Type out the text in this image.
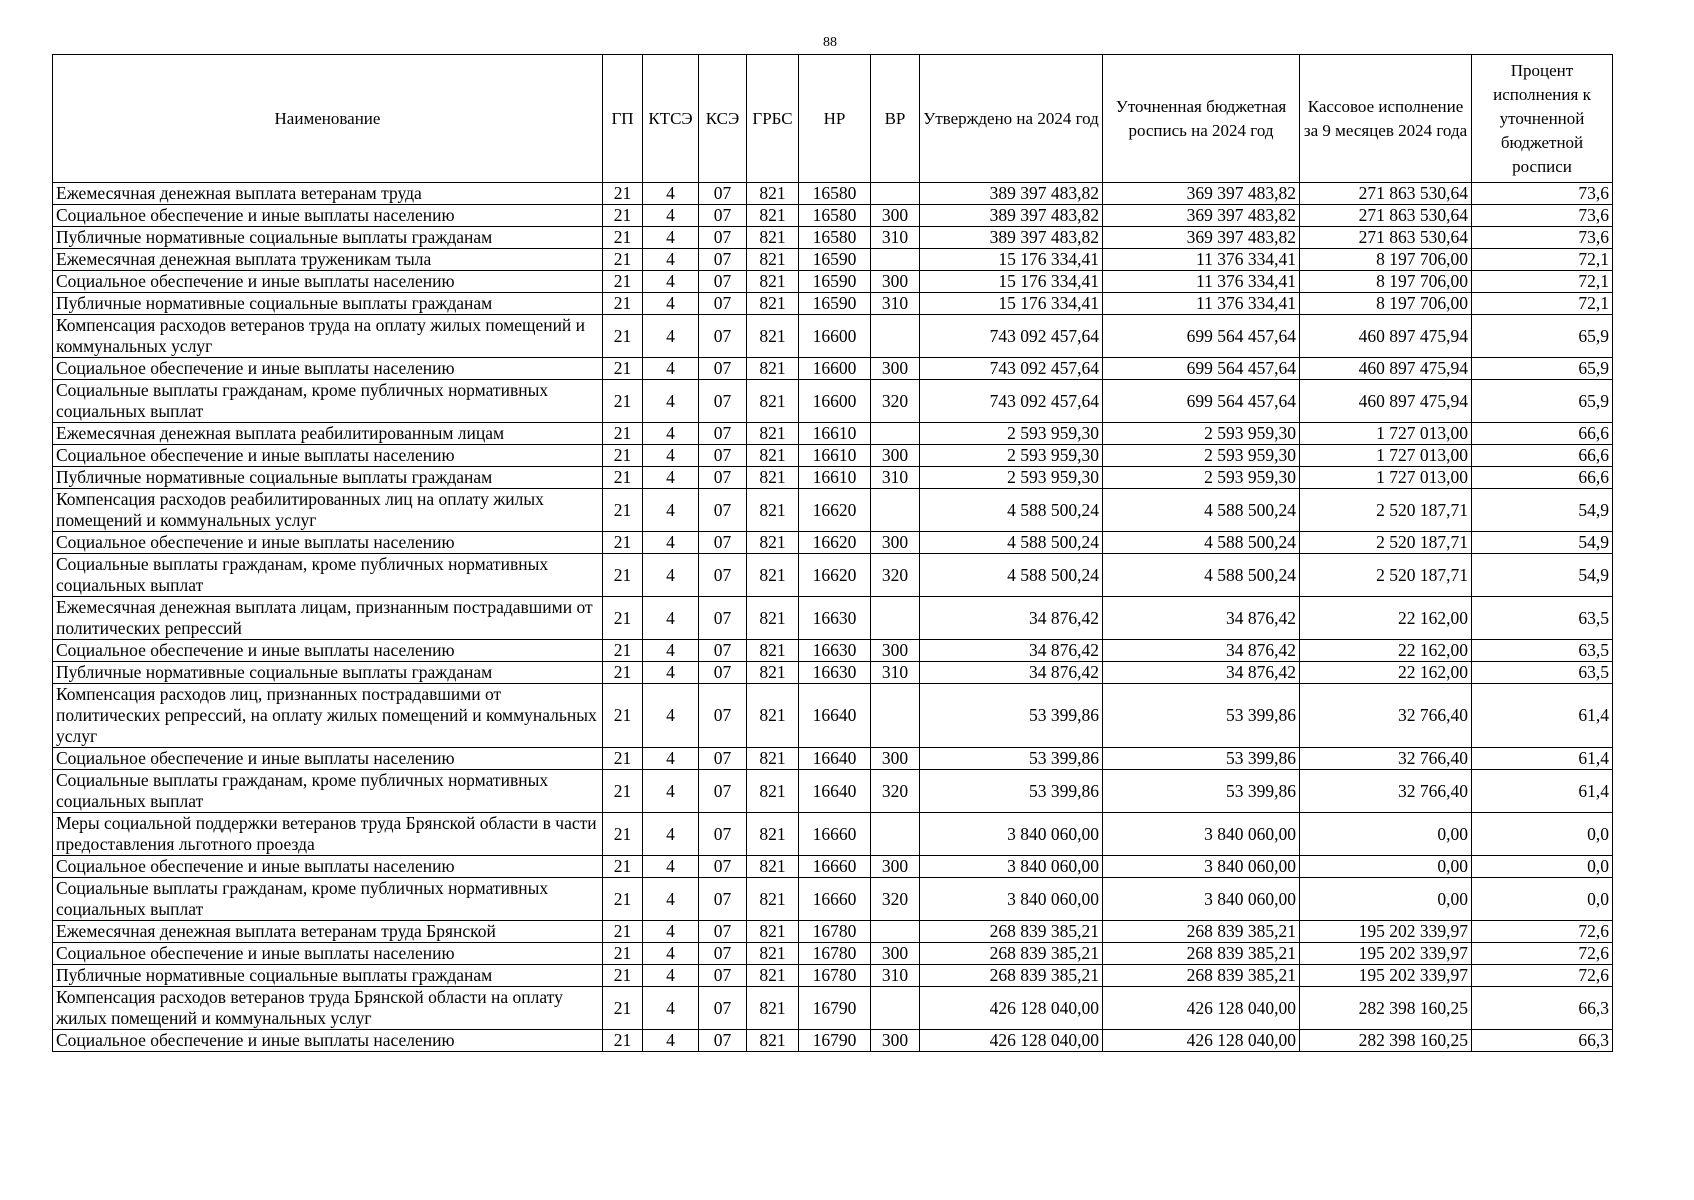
88
Наименование	ГП	КТСЭ	КСЭ	ГРБС	НР	ВР	Утверждено на 2024 год	Уточненная бюджетная роспись на 2024 год	Кассовое исполнение за 9 месяцев 2024 года	Процент исполнения к уточненной бюджетной росписи
Ежемесячная денежная выплата ветеранам труда	21	4	07	821	16580		389 397 483,82	369 397 483,82	271 863 530,64	73,6
Социальное обеспечение и иные выплаты населению	21	4	07	821	16580	300	389 397 483,82	369 397 483,82	271 863 530,64	73,6
Публичные нормативные социальные выплаты гражданам	21	4	07	821	16580	310	389 397 483,82	369 397 483,82	271 863 530,64	73,6
Ежемесячная денежная выплата труженикам тыла	21	4	07	821	16590		15 176 334,41	11 376 334,41	8 197 706,00	72,1
Социальное обеспечение и иные выплаты населению	21	4	07	821	16590	300	15 176 334,41	11 376 334,41	8 197 706,00	72,1
Публичные нормативные социальные выплаты гражданам	21	4	07	821	16590	310	15 176 334,41	11 376 334,41	8 197 706,00	72,1
Компенсация расходов ветеранов труда на оплату жилых помещений и коммунальных услуг	21	4	07	821	16600		743 092 457,64	699 564 457,64	460 897 475,94	65,9
Социальное обеспечение и иные выплаты населению	21	4	07	821	16600	300	743 092 457,64	699 564 457,64	460 897 475,94	65,9
Социальные выплаты гражданам, кроме публичных нормативных социальных выплат	21	4	07	821	16600	320	743 092 457,64	699 564 457,64	460 897 475,94	65,9
Ежемесячная денежная выплата реабилитированным лицам	21	4	07	821	16610		2 593 959,30	2 593 959,30	1 727 013,00	66,6
Социальное обеспечение и иные выплаты населению	21	4	07	821	16610	300	2 593 959,30	2 593 959,30	1 727 013,00	66,6
Публичные нормативные социальные выплаты гражданам	21	4	07	821	16610	310	2 593 959,30	2 593 959,30	1 727 013,00	66,6
Компенсация расходов реабилитированных лиц на оплату жилых помещений и коммунальных услуг	21	4	07	821	16620		4 588 500,24	4 588 500,24	2 520 187,71	54,9
Социальное обеспечение и иные выплаты населению	21	4	07	821	16620	300	4 588 500,24	4 588 500,24	2 520 187,71	54,9
Социальные выплаты гражданам, кроме публичных нормативных социальных выплат	21	4	07	821	16620	320	4 588 500,24	4 588 500,24	2 520 187,71	54,9
Ежемесячная денежная выплата лицам, признанным пострадавшими от политических репрессий	21	4	07	821	16630		34 876,42	34 876,42	22 162,00	63,5
Социальное обеспечение и иные выплаты населению	21	4	07	821	16630	300	34 876,42	34 876,42	22 162,00	63,5
Публичные нормативные социальные выплаты гражданам	21	4	07	821	16630	310	34 876,42	34 876,42	22 162,00	63,5
Компенсация расходов лиц, признанных пострадавшими от политических репрессий, на оплату жилых помещений и коммунальных услуг	21	4	07	821	16640		53 399,86	53 399,86	32 766,40	61,4
Социальное обеспечение и иные выплаты населению	21	4	07	821	16640	300	53 399,86	53 399,86	32 766,40	61,4
Социальные выплаты гражданам, кроме публичных нормативных социальных выплат	21	4	07	821	16640	320	53 399,86	53 399,86	32 766,40	61,4
Меры социальной поддержки ветеранов труда Брянской области в части предоставления льготного проезда	21	4	07	821	16660		3 840 060,00	3 840 060,00	0,00	0,0
Социальное обеспечение и иные выплаты населению	21	4	07	821	16660	300	3 840 060,00	3 840 060,00	0,00	0,0
Социальные выплаты гражданам, кроме публичных нормативных социальных выплат	21	4	07	821	16660	320	3 840 060,00	3 840 060,00	0,00	0,0
Ежемесячная денежная выплата ветеранам труда Брянской	21	4	07	821	16780		268 839 385,21	268 839 385,21	195 202 339,97	72,6
Социальное обеспечение и иные выплаты населению	21	4	07	821	16780	300	268 839 385,21	268 839 385,21	195 202 339,97	72,6
Публичные нормативные социальные выплаты гражданам	21	4	07	821	16780	310	268 839 385,21	268 839 385,21	195 202 339,97	72,6
Компенсация расходов ветеранов труда Брянской области на оплату жилых помещений и коммунальных услуг	21	4	07	821	16790		426 128 040,00	426 128 040,00	282 398 160,25	66,3
Социальное обеспечение и иные выплаты населению	21	4	07	821	16790	300	426 128 040,00	426 128 040,00	282 398 160,25	66,3
